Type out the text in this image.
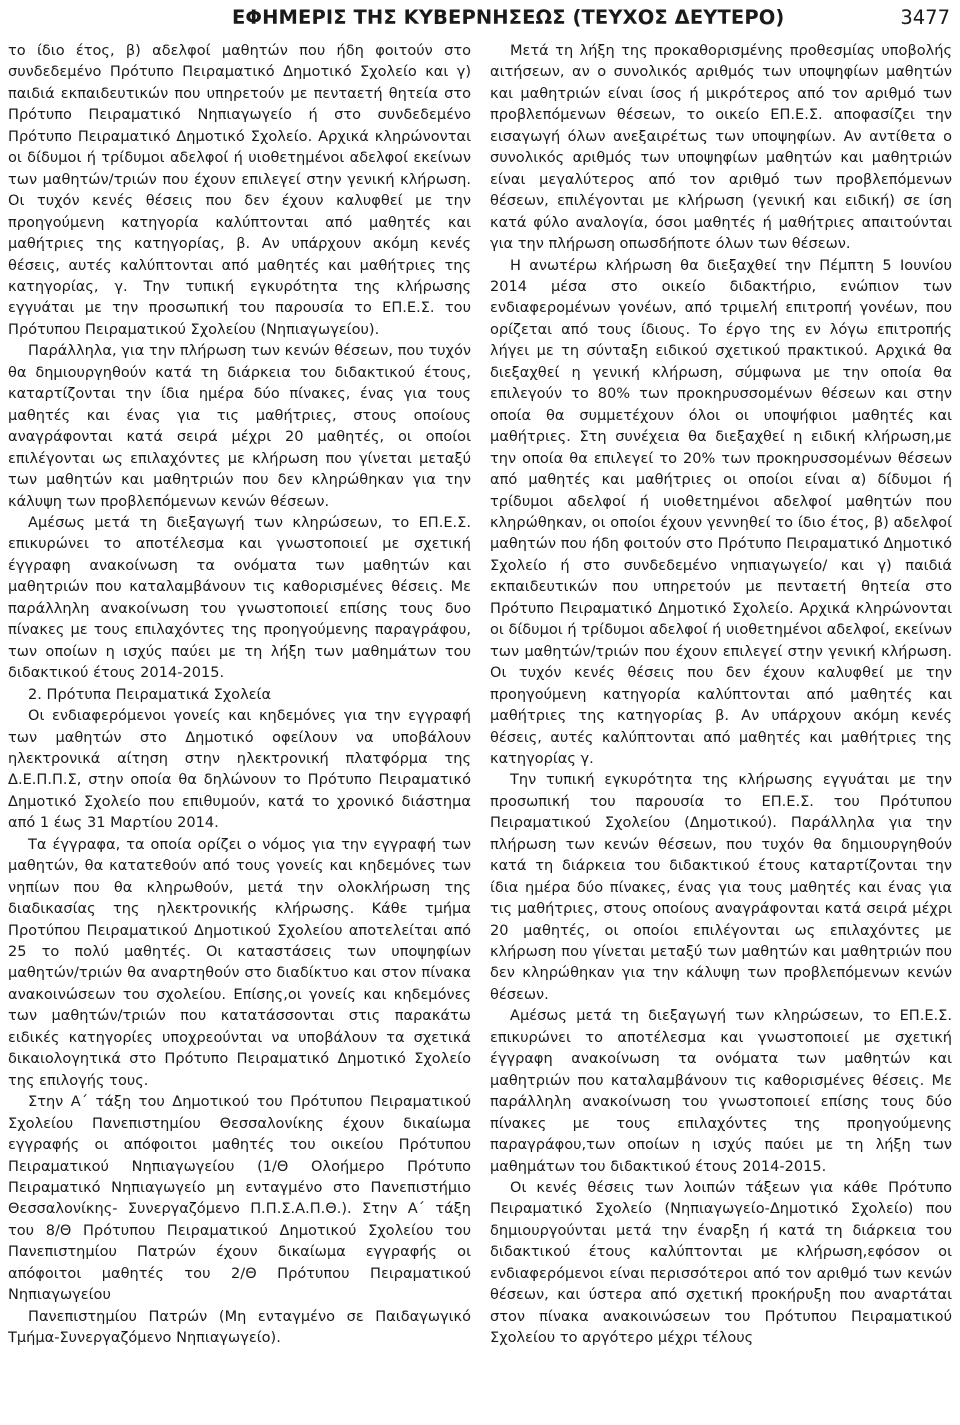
ΕΦΗΜΕΡΙΣ ΤΗΣ ΚΥΒΕΡΝΗΣΕΩΣ (ΤΕΥΧΟΣ ΔΕΥΤΕΡΟ)	3477

το ίδιο έτος, β) αδελφοί μαθητών που ήδη φοιτούν στο συνδεδεμένο Πρότυπο Πειραματικό Δημοτικό Σχολείο και γ) παιδιά εκπαιδευτικών που υπηρετούν με πενταετή θητεία στο Πρότυπο Πειραματικό Νηπιαγωγείο ή στο συνδεδεμένο Πρότυπο Πειραματικό Δημοτικό Σχολείο. Αρχικά κληρώνονται οι δίδυμοι ή τρίδυμοι αδελφοί ή υιοθετημένοι αδελφοί εκείνων των μαθητών/τριών που έχουν επιλεγεί στην γενική κλήρωση. Οι τυχόν κενές θέσεις που δεν έχουν καλυφθεί με την προηγούμενη κατηγορία καλύπτονται από μαθητές και μαθήτριες της κατηγορίας, β. Αν υπάρχουν ακόμη κενές θέσεις, αυτές καλύπτονται από μαθητές και μαθήτριες της κατηγορίας, γ. Την τυπική εγκυρότητα της κλήρωσης εγγυάται με την προσωπική του παρουσία το ΕΠ.Ε.Σ. του Πρότυπου Πειραματικού Σχολείου (Νηπιαγωγείου).

Παράλληλα, για την πλήρωση των κενών θέσεων, που τυχόν θα δημιουργηθούν κατά τη διάρκεια του διδακτικού έτους, καταρτίζονται την ίδια ημέρα δύο πίνακες, ένας για τους μαθητές και ένας για τις μαθήτριες, στους οποίους αναγράφονται κατά σειρά μέχρι 20 μαθητές, οι οποίοι επιλέγονται ως επιλαχόντες με κλήρωση που γίνεται μεταξύ των μαθητών και μαθητριών που δεν κληρώθηκαν για την κάλυψη των προβλεπόμενων κενών θέσεων.

Αμέσως μετά τη διεξαγωγή των κληρώσεων, το ΕΠ.Ε.Σ. επικυρώνει το αποτέλεσμα και γνωστοποιεί με σχετική έγγραφη ανακοίνωση τα ονόματα των μαθητών και μαθητριών που καταλαμβάνουν τις καθορισμένες θέσεις. Με παράλληλη ανακοίνωση του γνωστοποιεί επίσης τους δυο πίνακες με τους επιλαχόντες της προηγούμενης παραγράφου, των οποίων η ισχύς παύει με τη λήξη των μαθημάτων του διδακτικού έτους 2014-2015.

2. Πρότυπα Πειραματικά Σχολεία

Οι ενδιαφερόμενοι γονείς και κηδεμόνες για την εγγραφή των μαθητών στο Δημοτικό οφείλουν να υποβάλουν ηλεκτρονικά αίτηση στην ηλεκτρονική πλατφόρμα της Δ.Ε.Π.Π.Σ, στην οποία θα δηλώνουν το Πρότυπο Πειραματικό Δημοτικό Σχολείο που επιθυμούν, κατά το χρονικό διάστημα από 1 έως 31 Μαρτίου 2014.

Τα έγγραφα, τα οποία ορίζει ο νόμος για την εγγραφή των μαθητών, θα κατατεθούν από τους γονείς και κηδεμόνες των νηπίων που θα κληρωθούν, μετά την ολοκλήρωση της διαδικασίας της ηλεκτρονικής κλήρωσης. Κάθε τμήμα Προτύπου Πειραματικού Δημοτικού Σχολείου αποτελείται από 25 το πολύ μαθητές. Οι καταστάσεις των υποψηφίων μαθητών/τριών θα αναρτηθούν στο διαδίκτυο και στον πίνακα ανακοινώσεων του σχολείου. Επίσης,οι γονείς και κηδεμόνες των μαθητών/τριών που κατατάσσονται στις παρακάτω ειδικές κατηγορίες υποχρεούνται να υποβάλουν τα σχετικά δικαιολογητικά στο Πρότυπο Πειραματικό Δημοτικό Σχολείο της επιλογής τους.

Στην Α΄ τάξη του Δημοτικού του Πρότυπου Πειραματικού Σχολείου Πανεπιστημίου Θεσσαλονίκης έχουν δικαίωμα εγγραφής οι απόφοιτοι μαθητές του οικείου Πρότυπου Πειραματικού Νηπιαγωγείου (1/Θ Ολοήμερο Πρότυπο Πειραματικό Νηπιαγωγείο μη ενταγμένο στο Πανεπιστήμιο Θεσσαλονίκης- Συνεργαζόμενο Π.Π.Σ.Α.Π.Θ.). Στην Α΄ τάξη του 8/Θ Πρότυπου Πειραματικού Δημοτικού Σχολείου του Πανεπιστημίου Πατρών έχουν δικαίωμα εγγραφής οι απόφοιτοι μαθητές του 2/Θ Πρότυπου Πειραματικού Νηπιαγωγείου

Πανεπιστημίου Πατρών (Μη ενταγμένο σε Παιδαγωγικό Τμήμα-Συνεργαζόμενο Νηπιαγωγείο).

Μετά τη λήξη της προκαθορισμένης προθεσμίας υποβολής αιτήσεων, αν ο συνολικός αριθμός των υποψηφίων μαθητών και μαθητριών είναι ίσος ή μικρότερος από τον αριθμό των προβλεπόμενων θέσεων, το οικείο ΕΠ.Ε.Σ. αποφασίζει την εισαγωγή όλων ανεξαιρέτως των υποψηφίων. Αν αντίθετα ο συνολικός αριθμός των υποψηφίων μαθητών και μαθητριών είναι μεγαλύτερος από τον αριθμό των προβλεπόμενων θέσεων, επιλέγονται με κλήρωση (γενική και ειδική) σε ίση κατά φύλο αναλογία, όσοι μαθητές ή μαθήτριες απαιτούνται για την πλήρωση οπωσδήποτε όλων των θέσεων.

Η ανωτέρω κλήρωση θα διεξαχθεί την Πέμπτη 5 Ιουνίου 2014 μέσα στο οικείο διδακτήριο, ενώπιον των ενδιαφερομένων γονέων, από τριμελή επιτροπή γονέων, που ορίζεται από τους ίδιους. Το έργο της εν λόγω επιτροπής λήγει με τη σύνταξη ειδικού σχετικού πρακτικού. Αρχικά θα διεξαχθεί η γενική κλήρωση, σύμφωνα με την οποία θα επιλεγούν το 80% των προκηρυσσομένων θέσεων και στην οποία θα συμμετέχουν όλοι οι υποψήφιοι μαθητές και μαθήτριες. Στη συνέχεια θα διεξαχθεί η ειδική κλήρωση,με την οποία θα επιλεγεί το 20% των προκηρυσσομένων θέσεων από μαθητές και μαθήτριες οι οποίοι είναι α) δίδυμοι ή τρίδυμοι αδελφοί ή υιοθετημένοι αδελφοί μαθητών που κληρώθηκαν, οι οποίοι έχουν γεννηθεί το ίδιο έτος, β) αδελφοί μαθητών που ήδη φοιτούν στο Πρότυπο Πειραματικό Δημοτικό Σχολείο ή στο συνδεδεμένο νηπιαγωγείο/ και γ) παιδιά εκπαιδευτικών που υπηρετούν με πενταετή θητεία στο Πρότυπο Πειραματικό Δημοτικό Σχολείο. Αρχικά κληρώνονται οι δίδυμοι ή τρίδυμοι αδελφοί ή υιοθετημένοι αδελφοί, εκείνων των μαθητών/τριών που έχουν επιλεγεί στην γενική κλήρωση. Οι τυχόν κενές θέσεις που δεν έχουν καλυφθεί με την προηγούμενη κατηγορία καλύπτονται από μαθητές και μαθήτριες της κατηγορίας β. Αν υπάρχουν ακόμη κενές θέσεις, αυτές καλύπτονται από μαθητές και μαθήτριες της κατηγορίας γ.

Την τυπική εγκυρότητα της κλήρωσης εγγυάται με την προσωπική του παρουσία το ΕΠ.Ε.Σ. του Πρότυπου Πειραματικού Σχολείου (Δημοτικού). Παράλληλα για την πλήρωση των κενών θέσεων, που τυχόν θα δημιουργηθούν κατά τη διάρκεια του διδακτικού έτους καταρτίζονται την ίδια ημέρα δύο πίνακες, ένας για τους μαθητές και ένας για τις μαθήτριες, στους οποίους αναγράφονται κατά σειρά μέχρι 20 μαθητές, οι οποίοι επιλέγονται ως επιλαχόντες με κλήρωση που γίνεται μεταξύ των μαθητών και μαθητριών που δεν κληρώθηκαν για την κάλυψη των προβλεπόμενων κενών θέσεων.

Αμέσως μετά τη διεξαγωγή των κληρώσεων, το ΕΠ.Ε.Σ. επικυρώνει το αποτέλεσμα και γνωστοποιεί με σχετική έγγραφη ανακοίνωση τα ονόματα των μαθητών και μαθητριών που καταλαμβάνουν τις καθορισμένες θέσεις. Με παράλληλη ανακοίνωση του γνωστοποιεί επίσης τους δύο πίνακες με τους επιλαχόντες της προηγούμενης παραγράφου,των οποίων η ισχύς παύει με τη λήξη των μαθημάτων του διδακτικού έτους 2014-2015.

Οι κενές θέσεις των λοιπών τάξεων για κάθε Πρότυπο Πειραματικό Σχολείο (Νηπιαγωγείο-Δημοτικό Σχολείο) που δημιουργούνται μετά την έναρξη ή κατά τη διάρκεια του διδακτικού έτους καλύπτονται με κλήρωση,εφόσον οι ενδιαφερόμενοι είναι περισσότεροι από τον αριθμό των κενών θέσεων, και ύστερα από σχετική προκήρυξη που αναρτάται στον πίνακα ανακοινώσεων του Πρότυπου Πειραματικού Σχολείου το αργότερο μέχρι τέλους
